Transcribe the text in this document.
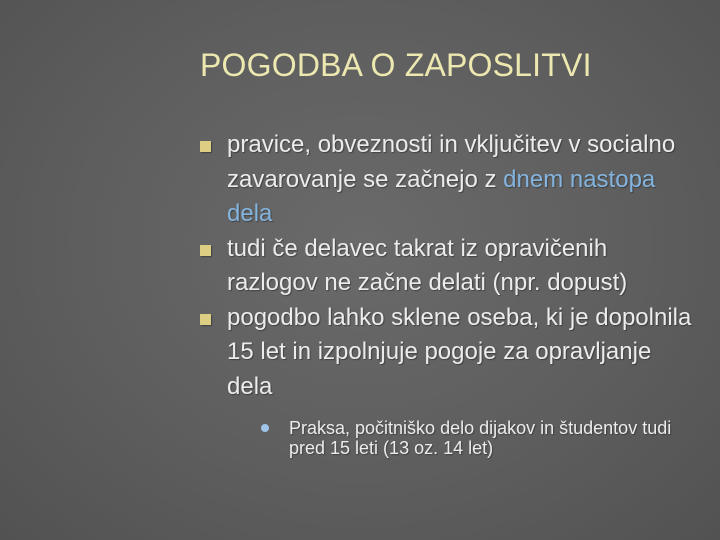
POGODBA O ZAPOSLITVI
pravice, obveznosti in vključitev v socialno zavarovanje se začnejo z dnem nastopa dela
tudi če delavec takrat iz opravičenih razlogov ne začne delati (npr. dopust)
pogodbo lahko sklene oseba, ki je dopolnila 15 let in izpolnjuje pogoje za opravljanje dela
Praksa, počitniško delo dijakov in študentov tudi pred 15 leti (13 oz. 14 let)
